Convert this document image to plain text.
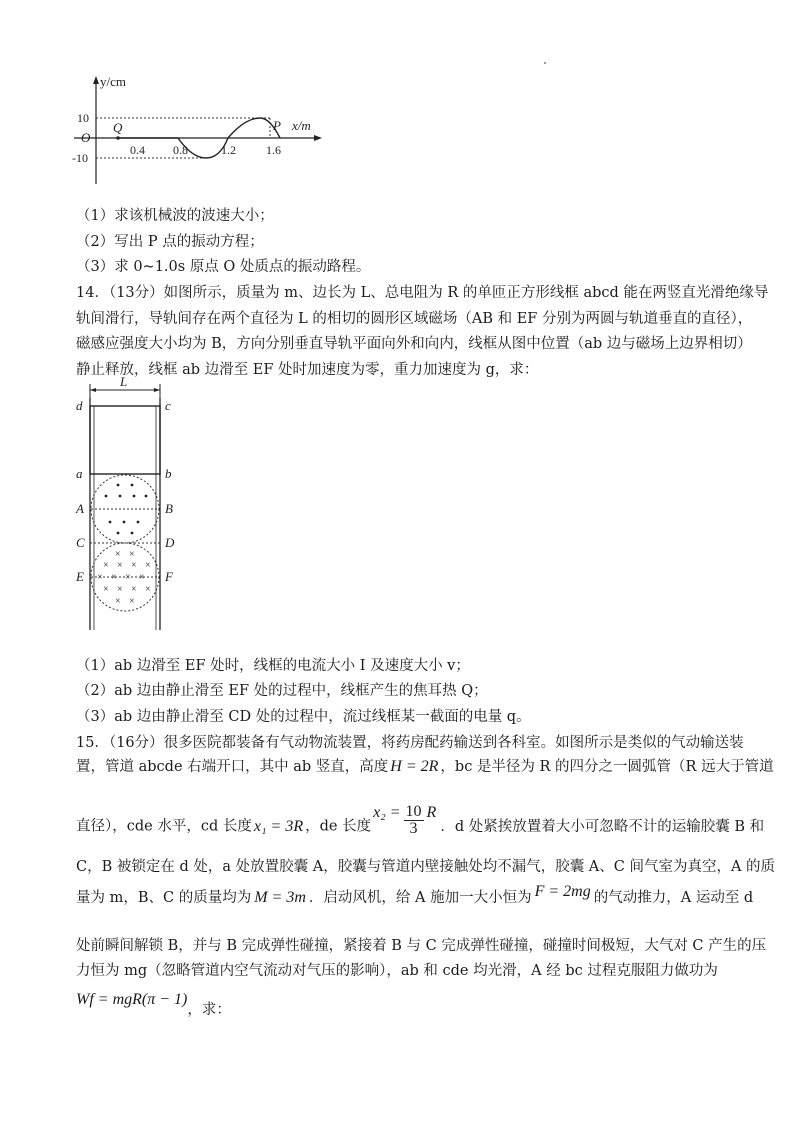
y/cm
x/m
O
10
-10
0.4 0.8	1.2	1.6
Q	P
（1）求该机械波的波速大小；
（2）写出 P 点的振动方程；
（3）求 0~1.0s 原点 O 处质点的振动路程。
14．（13分）如图所示，质量为 m、边长为 L、总电阻为 R 的单匝正方形线框 abcd 能在两竖直光滑绝缘导
轨间滑行，导轨间存在两个直径为 L 的相切的圆形区域磁场（AB 和 EF 分别为两圆与轨道垂直的直径），
磁感应强度大小均为 B，方向分别垂直导轨平面向外和向内，线框从图中位置（ab 边与磁场上边界相切）
静止释放，线框 ab 边滑至 EF 处时加速度为零，重力加速度为 g，求：
L
× ×
× × × ×
× × × ×
× × × ×
× ×
d	c
a	b
A	B
C	D
E	F
（1）ab 边滑至 EF 处时，线框的电流大小 I 及速度大小 v；
（2）ab 边由静止滑至 EF 处的过程中，线框产生的焦耳热 Q；
（3）ab 边由静止滑至 CD 处的过程中，流过线框某一截面的电量 q。
15．（16分）很多医院都装备有气动物流装置，将药房配药输送到各科室。如图所示是类似的气动输送装
置，管道 abcde 右端开口，其中 ab 竖直，高度 H = 2R ，bc 是半径为 R 的四分之一圆弧管（R 远大于管道
直径），cde 水平，cd 长度 x₁ = 3R ，de 长度$x_2 = \frac{10}{3}$ R．d 处紧挨放置着大小可忽略不计的运输胶囊 B 和
C，B 被锁定在 d 处，a 处放置胶囊 A，胶囊与管道内壁接触处均不漏气，胶囊 A、C 间气室为真空，A 的质
量为 m，B、C 的质量均为 M = 3m ．启动风机，给 A 施加一大小恒为 F = 2mg 的气动推力，A 运动至 d
处前瞬间解锁 B，并与 B 完成弹性碰撞，紧接着 B 与 C 完成弹性碰撞，碰撞时间极短，大气对 C 产生的压
力恒为 mg（忽略管道内空气流动对气压的影响），ab 和 cde 均光滑，A 经 bc 过程克服阻力做功为
Wf = mgR(π − 1)，求：
